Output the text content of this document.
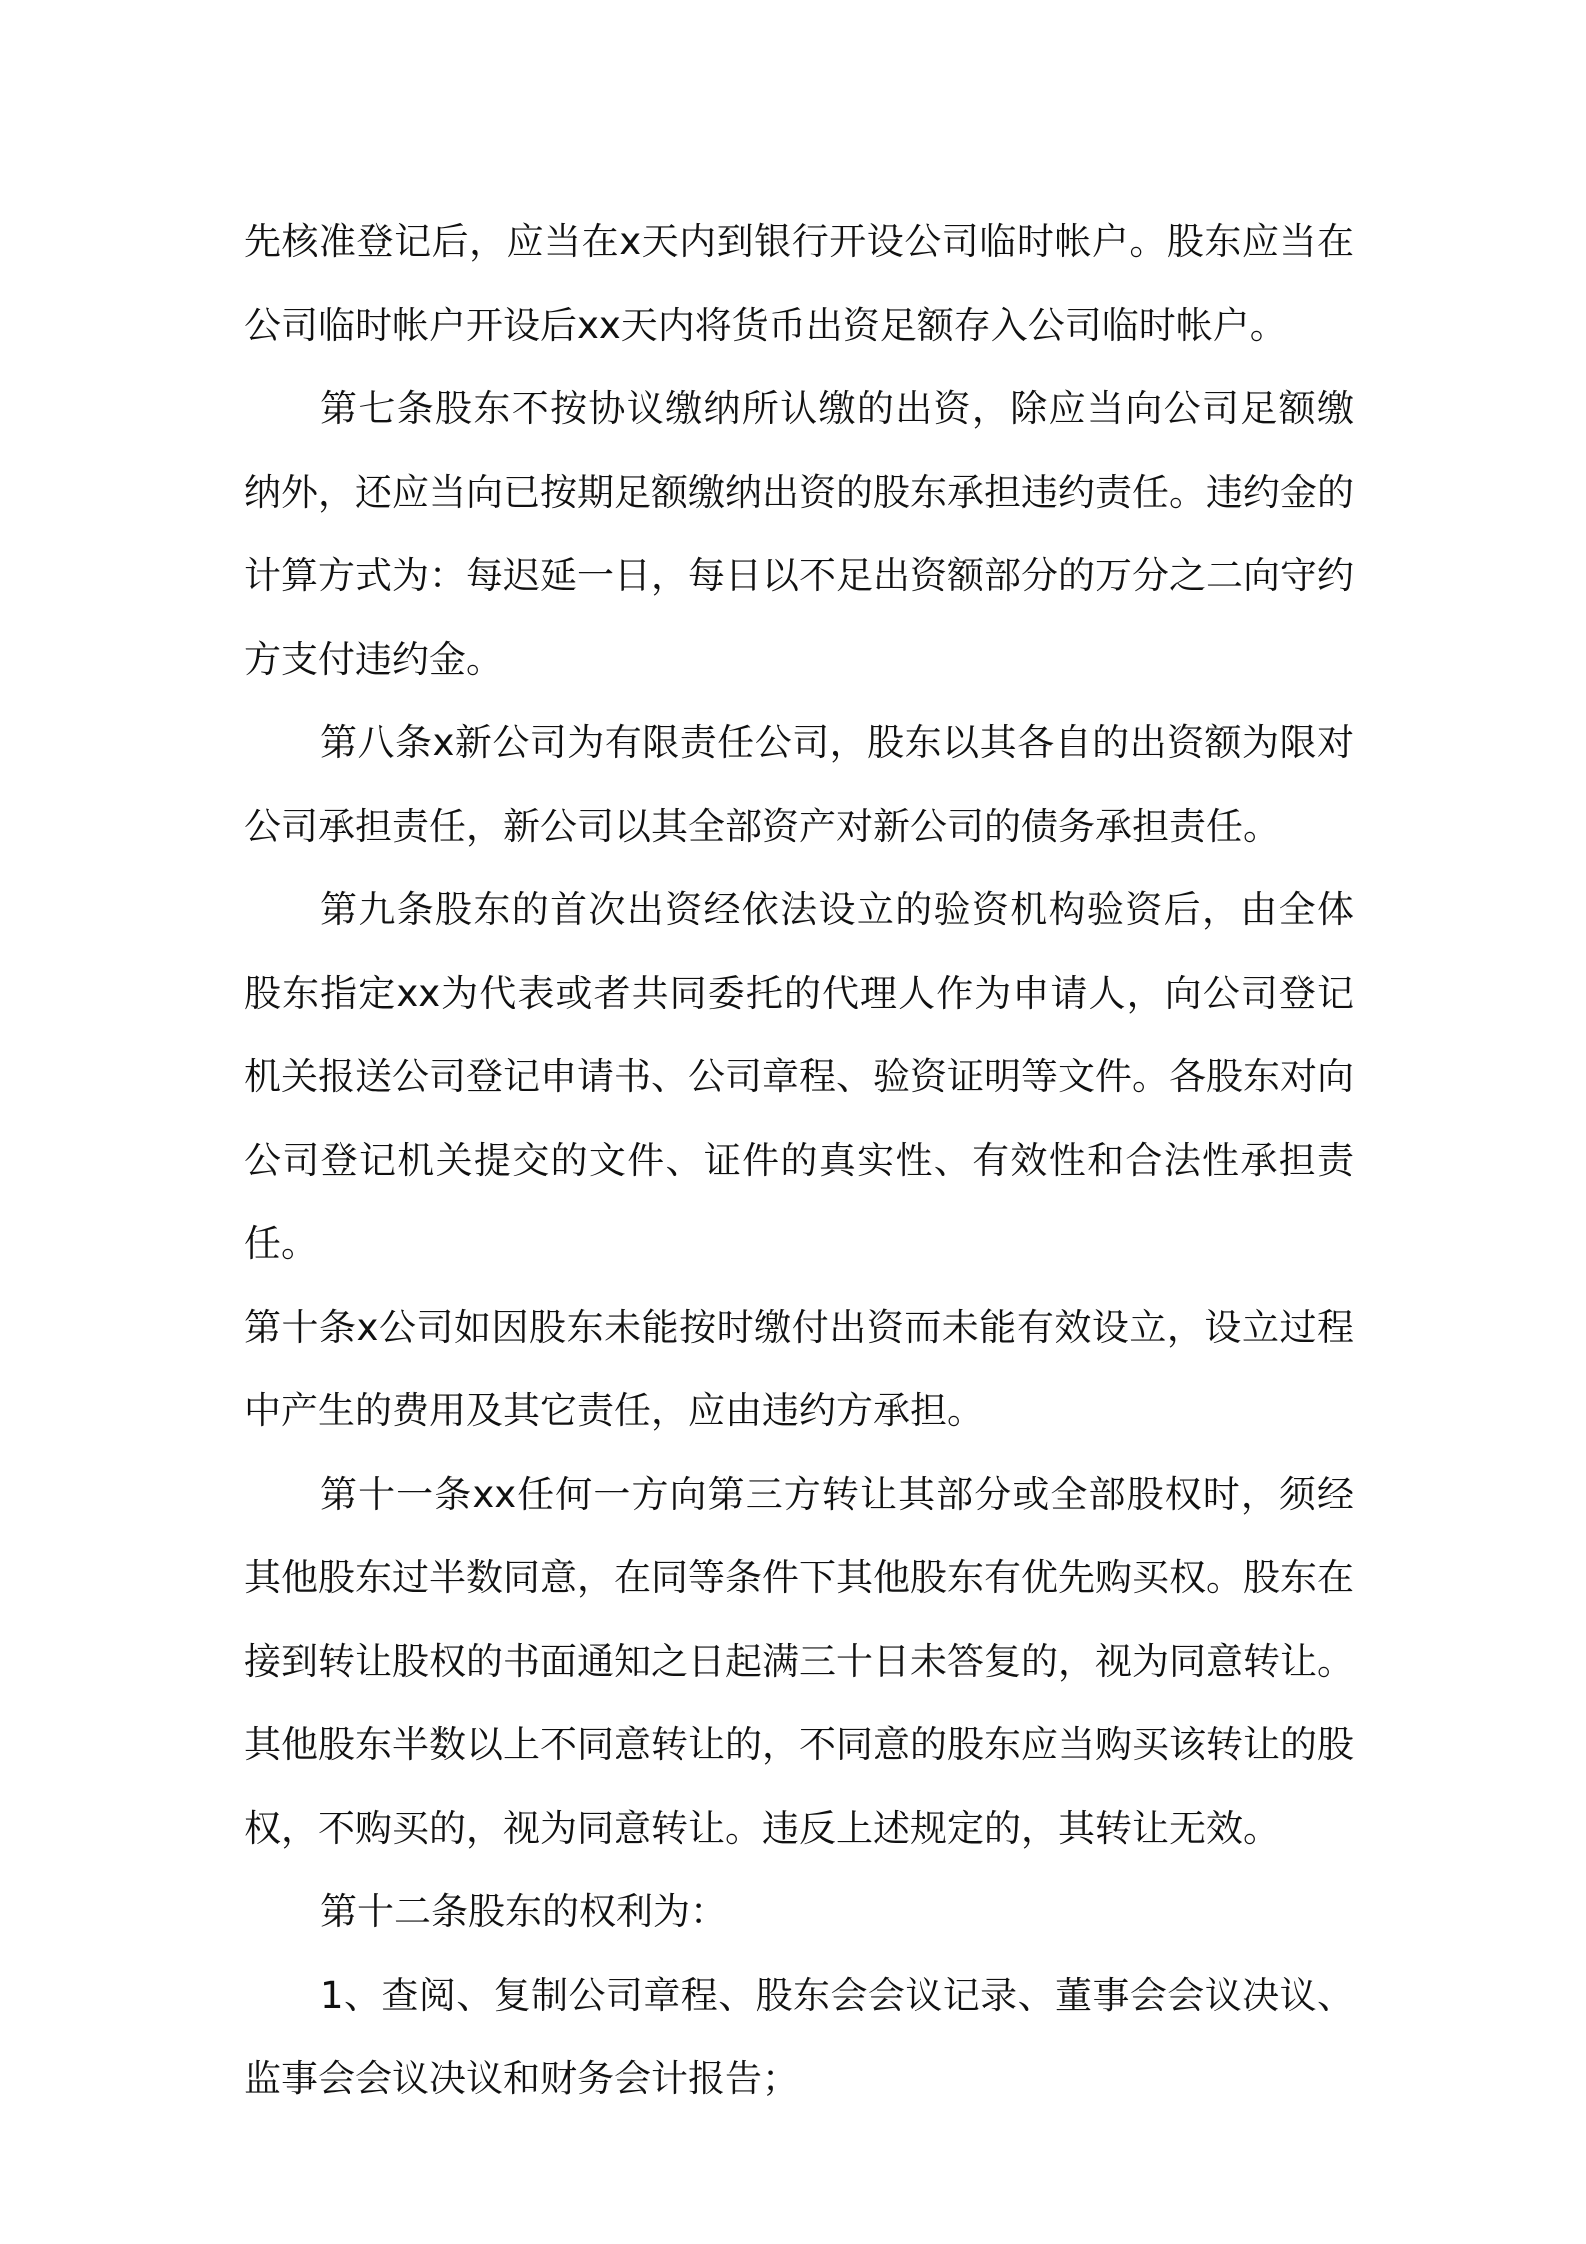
先核准登记后，应当在x天内到银行开设公司临时帐户。股东应当在公司临时帐户开设后xx天内将货币出资足额存入公司临时帐户。

第七条股东不按协议缴纳所认缴的出资，除应当向公司足额缴纳外，还应当向已按期足额缴纳出资的股东承担违约责任。违约金的计算方式为：每迟延一日，每日以不足出资额部分的万分之二向守约方支付违约金。

第八条x新公司为有限责任公司，股东以其各自的出资额为限对公司承担责任，新公司以其全部资产对新公司的债务承担责任。

第九条股东的首次出资经依法设立的验资机构验资后，由全体股东指定xx为代表或者共同委托的代理人作为申请人，向公司登记机关报送公司登记申请书、公司章程、验资证明等文件。各股东对向公司登记机关提交的文件、证件的真实性、有效性和合法性承担责任。

第十条x公司如因股东未能按时缴付出资而未能有效设立，设立过程中产生的费用及其它责任，应由违约方承担。

第十一条xx任何一方向第三方转让其部分或全部股权时，须经其他股东过半数同意，在同等条件下其他股东有优先购买权。股东在接到转让股权的书面通知之日起满三十日未答复的，视为同意转让。其他股东半数以上不同意转让的，不同意的股东应当购买该转让的股权，不购买的，视为同意转让。违反上述规定的，其转让无效。

第十二条股东的权利为：

1、查阅、复制公司章程、股东会会议记录、董事会会议决议、监事会会议决议和财务会计报告；
